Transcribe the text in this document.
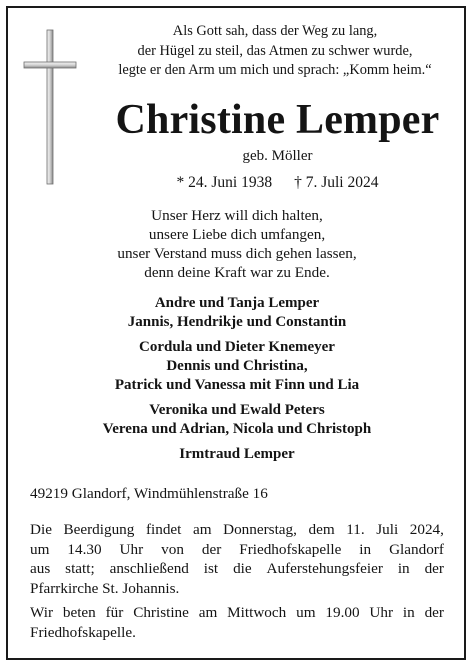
Als Gott sah, dass der Weg zu lang,
der Hügel zu steil, das Atmen zu schwer wurde,
legte er den Arm um mich und sprach: „Komm heim.“
Christine Lemper
geb. Möller
* 24. Juni 1938 † 7. Juli 2024
Unser Herz will dich halten,
unsere Liebe dich umfangen,
unser Verstand muss dich gehen lassen,
denn deine Kraft war zu Ende.
Andre und Tanja Lemper
Jannis, Hendrikje und Constantin
Cordula und Dieter Knemeyer
Dennis und Christina,
Patrick und Vanessa mit Finn und Lia
Veronika und Ewald Peters
Verena und Adrian, Nicola und Christoph
Irmtraud Lemper
49219 Glandorf, Windmühlenstraße 16
Die Beerdigung findet am Donnerstag, dem 11. Juli 2024,
um 14.30 Uhr von der Friedhofskapelle in Glandorf
aus statt; anschließend ist die Auferstehungsfeier in der
Pfarrkirche St. Johannis.
Wir beten für Christine am Mittwoch um 19.00 Uhr in der
Friedhofskapelle.
